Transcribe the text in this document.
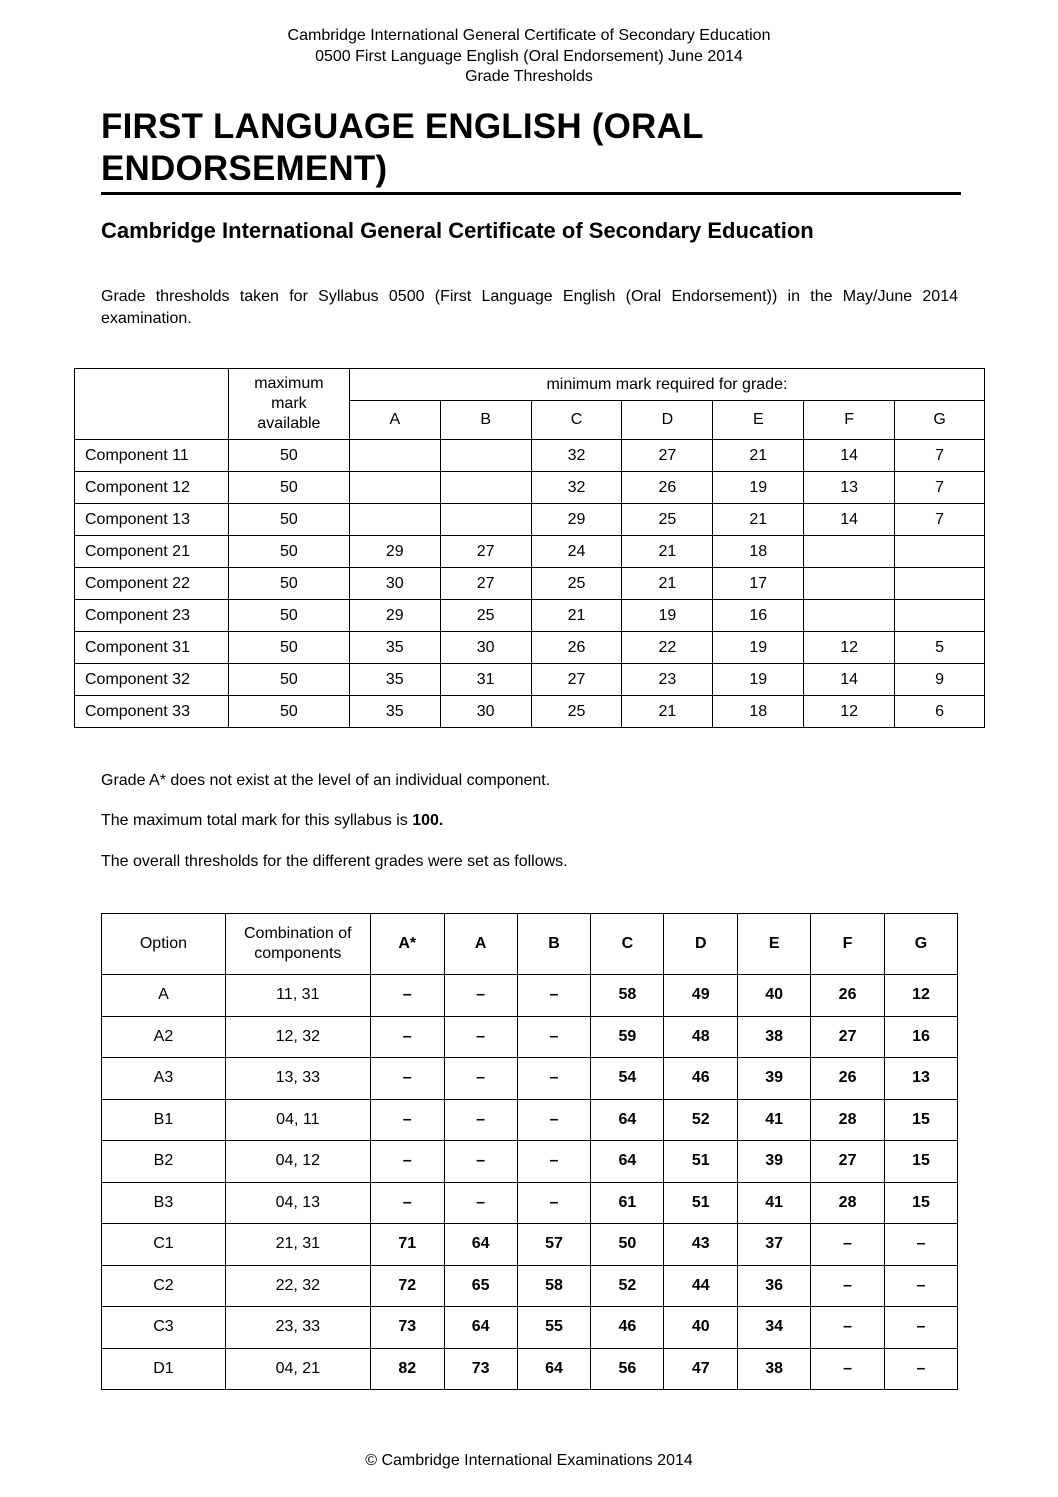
Cambridge International General Certificate of Secondary Education
0500 First Language English (Oral Endorsement) June 2014
Grade Thresholds
FIRST LANGUAGE ENGLISH (ORAL
ENDORSEMENT)
Cambridge International General Certificate of Secondary Education
Grade thresholds taken for Syllabus 0500 (First Language English (Oral Endorsement)) in the May/June 2014 examination.
	maximum mark available	minimum mark required for grade:						
		A	B	C	D	E	F	G
Component 11	50			32	27	21	14	7
Component 12	50			32	26	19	13	7
Component 13	50			29	25	21	14	7
Component 21	50	29	27	24	21	18		
Component 22	50	30	27	25	21	17		
Component 23	50	29	25	21	19	16		
Component 31	50	35	30	26	22	19	12	5
Component 32	50	35	31	27	23	19	14	9
Component 33	50	35	30	25	21	18	12	6
Grade A* does not exist at the level of an individual component.
The maximum total mark for this syllabus is 100.
The overall thresholds for the different grades were set as follows.
Option	Combination of components	A*	A	B	C	D	E	F	G
A	11, 31	–	–	–	58	49	40	26	12
A2	12, 32	–	–	–	59	48	38	27	16
A3	13, 33	–	–	–	54	46	39	26	13
B1	04, 11	–	–	–	64	52	41	28	15
B2	04, 12	–	–	–	64	51	39	27	15
B3	04, 13	–	–	–	61	51	41	28	15
C1	21, 31	71	64	57	50	43	37	–	–
C2	22, 32	72	65	58	52	44	36	–	–
C3	23, 33	73	64	55	46	40	34	–	–
D1	04, 21	82	73	64	56	47	38	–	–
© Cambridge International Examinations 2014
